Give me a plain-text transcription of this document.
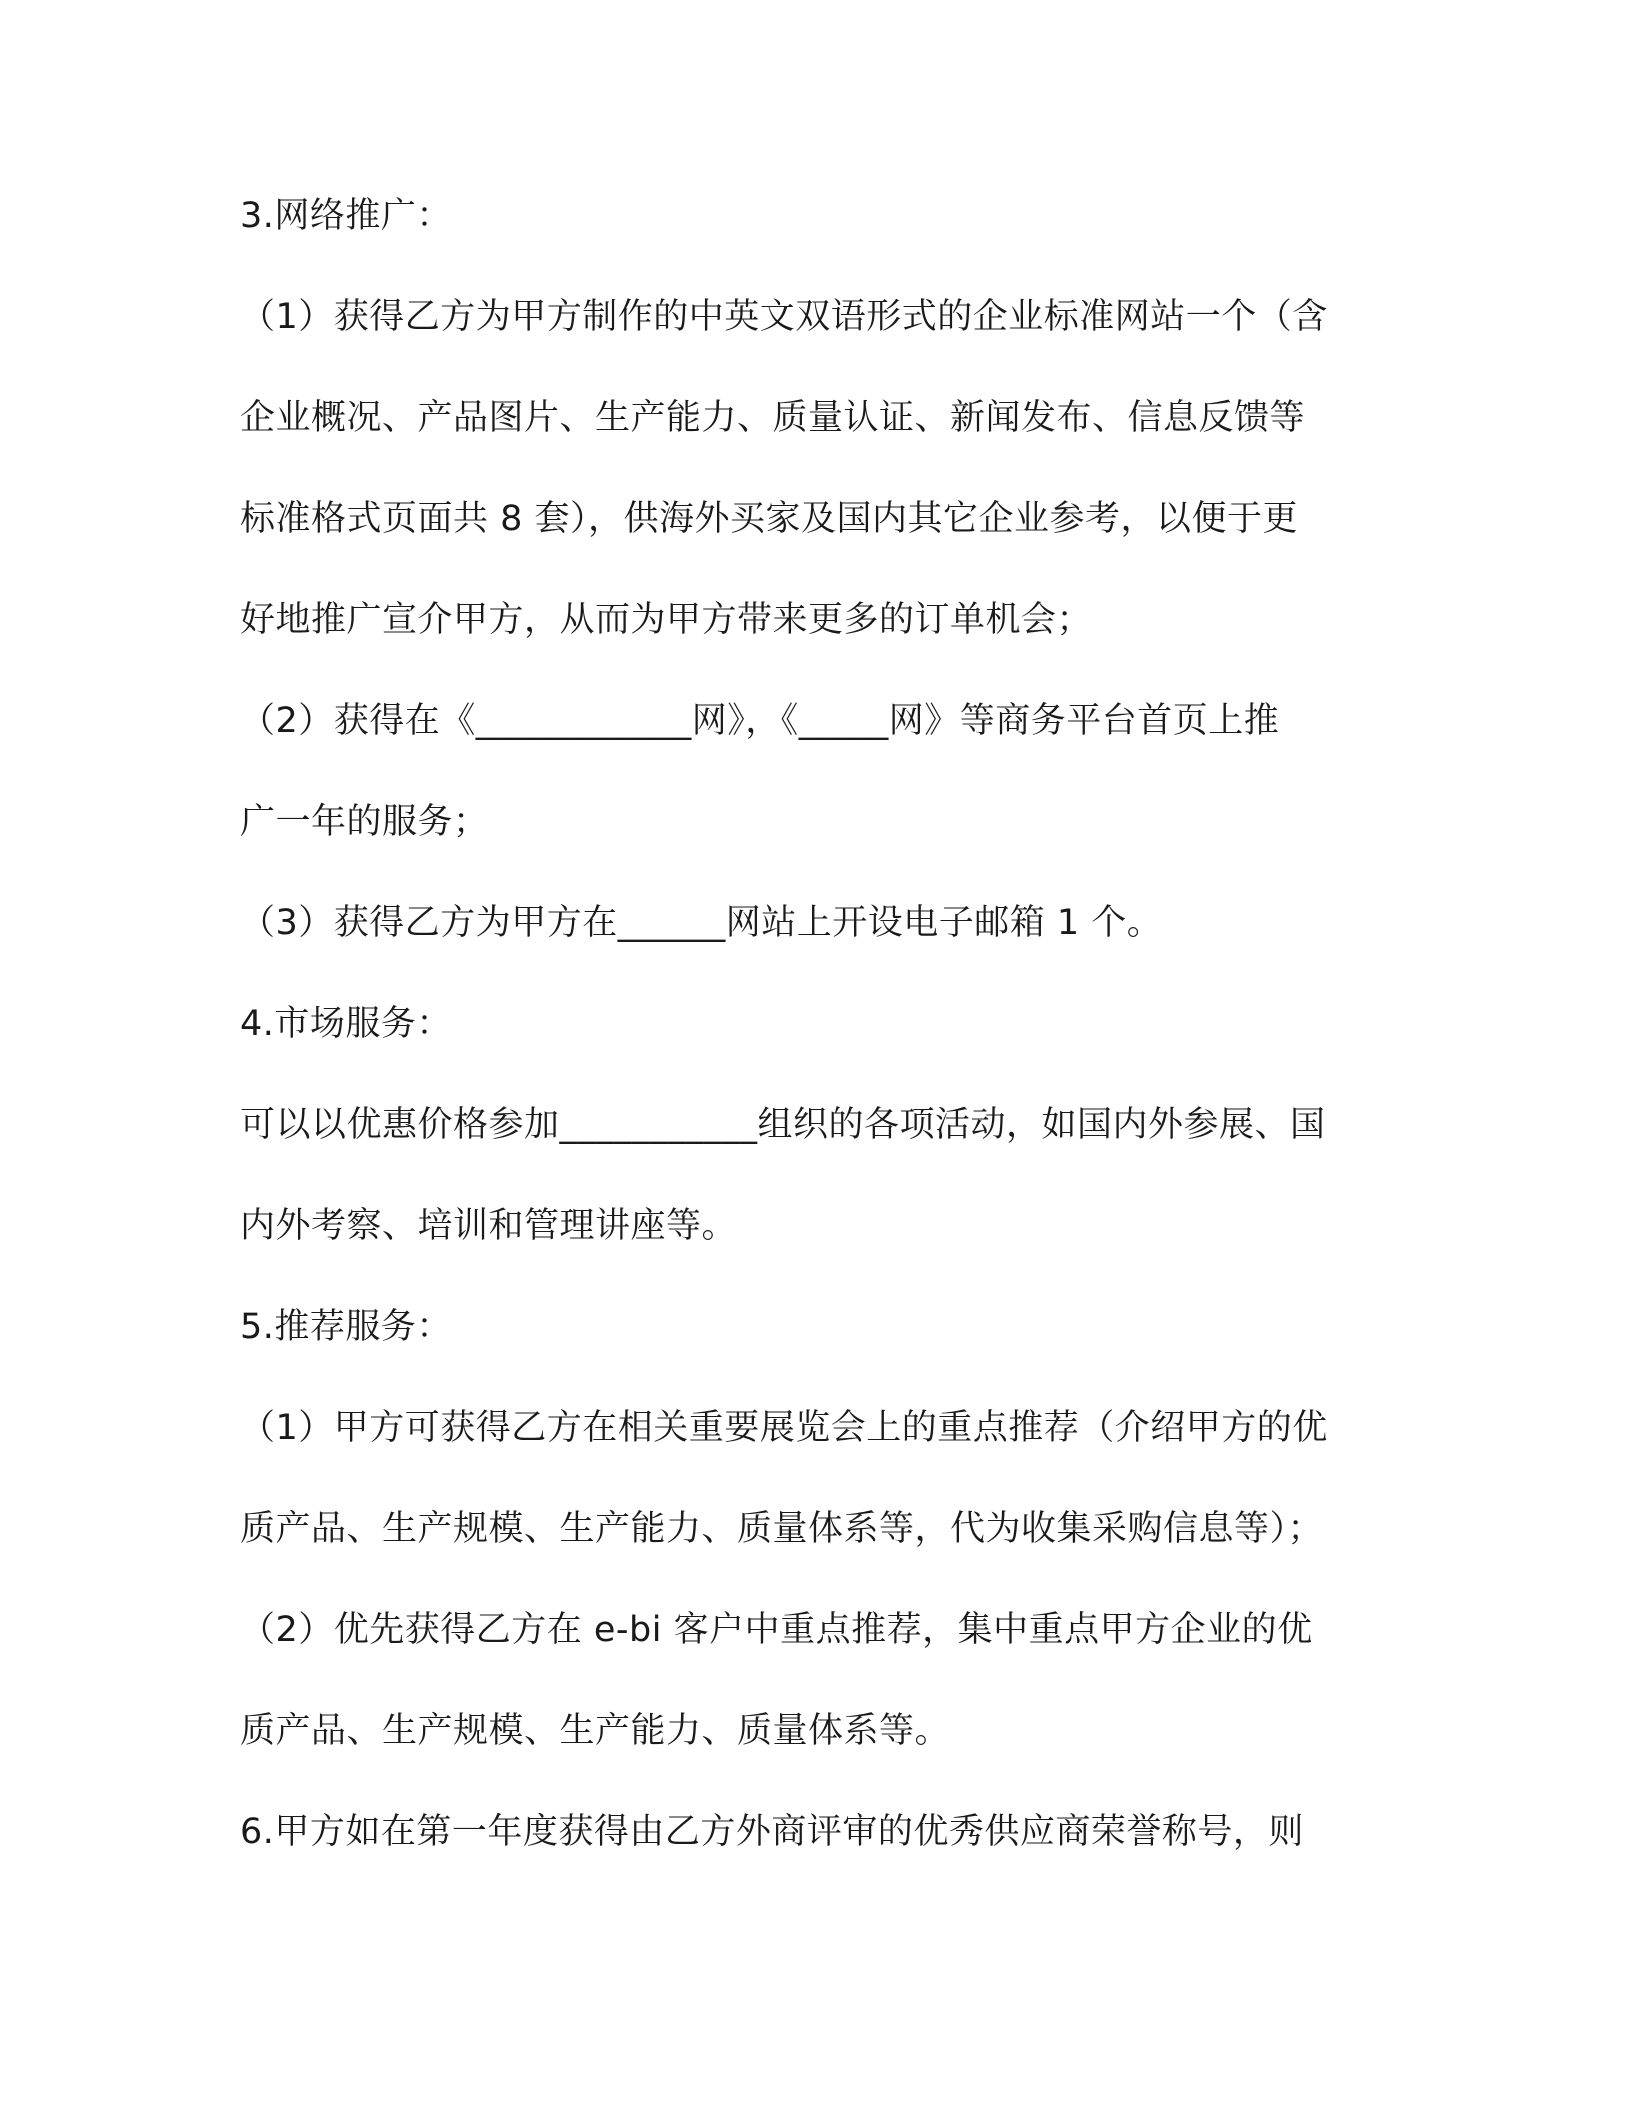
3.网络推广：
（1）获得乙方为甲方制作的中英文双语形式的企业标准网站一个（含
企业概况、产品图片、生产能力、质量认证、新闻发布、信息反馈等
标准格式页面共 8 套），供海外买家及国内其它企业参考，以便于更
好地推广宣介甲方，从而为甲方带来更多的订单机会；
（2）获得在《____________网》，《_____网》等商务平台首页上推
广一年的服务；
（3）获得乙方为甲方在______网站上开设电子邮箱 1 个。
4.市场服务：
可以以优惠价格参加___________组织的各项活动，如国内外参展、国
内外考察、培训和管理讲座等。
5.推荐服务：
（1）甲方可获得乙方在相关重要展览会上的重点推荐（介绍甲方的优
质产品、生产规模、生产能力、质量体系等，代为收集采购信息等）；
（2）优先获得乙方在 e-bi 客户中重点推荐，集中重点甲方企业的优
质产品、生产规模、生产能力、质量体系等。
6.甲方如在第一年度获得由乙方外商评审的优秀供应商荣誉称号，则
